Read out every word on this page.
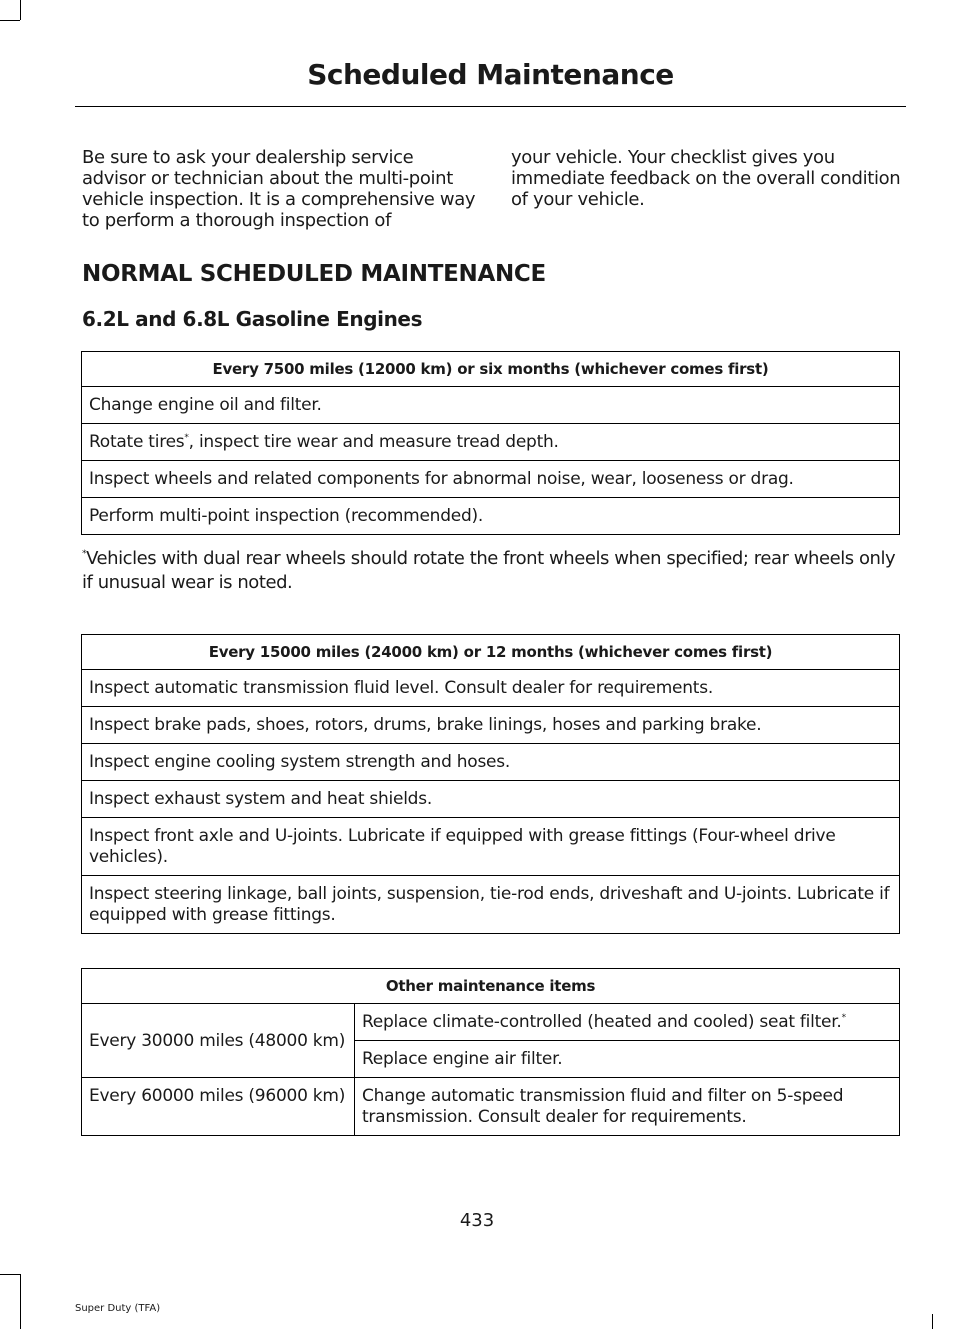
Scheduled Maintenance
Be sure to ask your dealership service advisor or technician about the multi-point vehicle inspection. It is a comprehensive way to perform a thorough inspection of
your vehicle. Your checklist gives you immediate feedback on the overall condition of your vehicle.
NORMAL SCHEDULED MAINTENANCE
6.2L and 6.8L Gasoline Engines
Every 7500 miles (12000 km) or six months (whichever comes first)
Change engine oil and filter.
Rotate tires*, inspect tire wear and measure tread depth.
Inspect wheels and related components for abnormal noise, wear, looseness or drag.
Perform multi-point inspection (recommended).
*Vehicles with dual rear wheels should rotate the front wheels when specified; rear wheels only if unusual wear is noted.
Every 15000 miles (24000 km) or 12 months (whichever comes first)
Inspect automatic transmission fluid level. Consult dealer for requirements.
Inspect brake pads, shoes, rotors, drums, brake linings, hoses and parking brake.
Inspect engine cooling system strength and hoses.
Inspect exhaust system and heat shields.
Inspect front axle and U-joints. Lubricate if equipped with grease fittings (Four-wheel drive vehicles).
Inspect steering linkage, ball joints, suspension, tie-rod ends, driveshaft and U-joints. Lubricate if equipped with grease fittings.
Other maintenance items	
Every 30000 miles (48000 km)	Replace climate-controlled (heated and cooled) seat filter.*
	Replace engine air filter.
Every 60000 miles (96000 km)	Change automatic transmission fluid and filter on 5-speed transmission. Consult dealer for requirements.
433
Super Duty (TFA)
